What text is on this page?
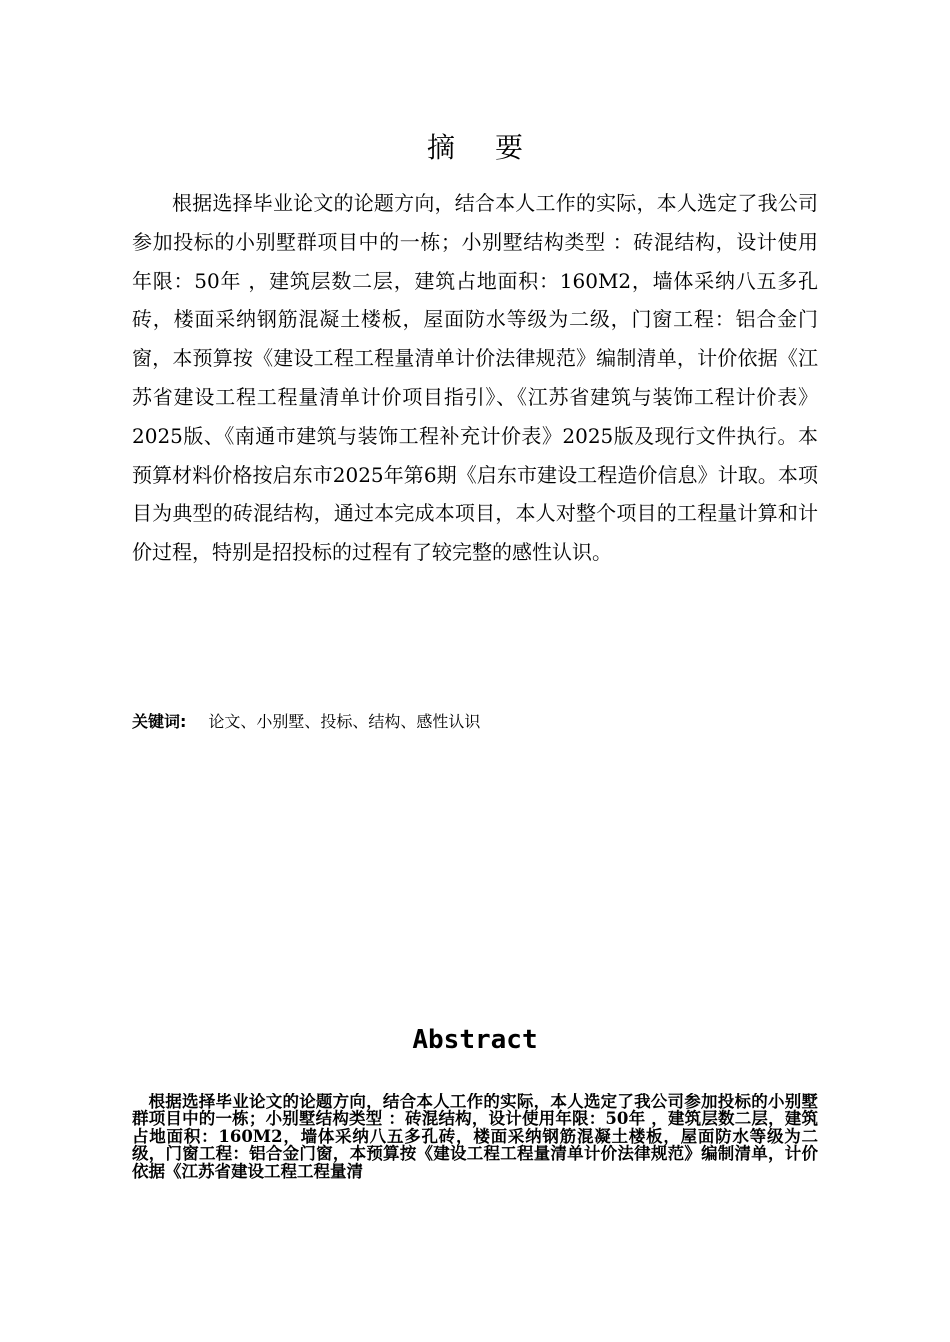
摘要

根据选择毕业论文的论题方向，结合本人工作的实际，本人选定了我公司参加投标的小别墅群项目中的一栋；小别墅结构类型 ：砖混结构，设计使用年限：50年 ，建筑层数二层，建筑占地面积：160M2，墙体采纳八五多孔砖，楼面采纳钢筋混凝土楼板，屋面防水等级为二级，门窗工程：铝合金门窗，本预算按《建设工程工程量清单计价法律规范》编制清单，计价依据《江苏省建设工程工程量清单计价项目指引》、《江苏省建筑与装饰工程计价表》2025版、《南通市建筑与装饰工程补充计价表》2025版及现行文件执行。本预算材料价格按启东市2025年第6期《启东市建设工程造价信息》计取。本项目为典型的砖混结构，通过本完成本项目，本人对整个项目的工程量计算和计价过程，特别是招投标的过程有了较完整的感性认识。

关键词: 论文、小别墅、投标、结构、感性认识
Abstract

根据选择毕业论文的论题方向，结合本人工作的实际，本人选定了我公司参加投标的小别墅群项目中的一栋；小别墅结构类型 ：砖混结构，设计使用年限：50年 ，建筑层数二层，建筑占地面积：160M2，墙体采纳八五多孔砖，楼面采纳钢筋混凝土楼板，屋面防水等级为二级，门窗工程：铝合金门窗，本预算按《建设工程工程量清单计价法律规范》编制清单，计价依据《江苏省建设工程工程量清
